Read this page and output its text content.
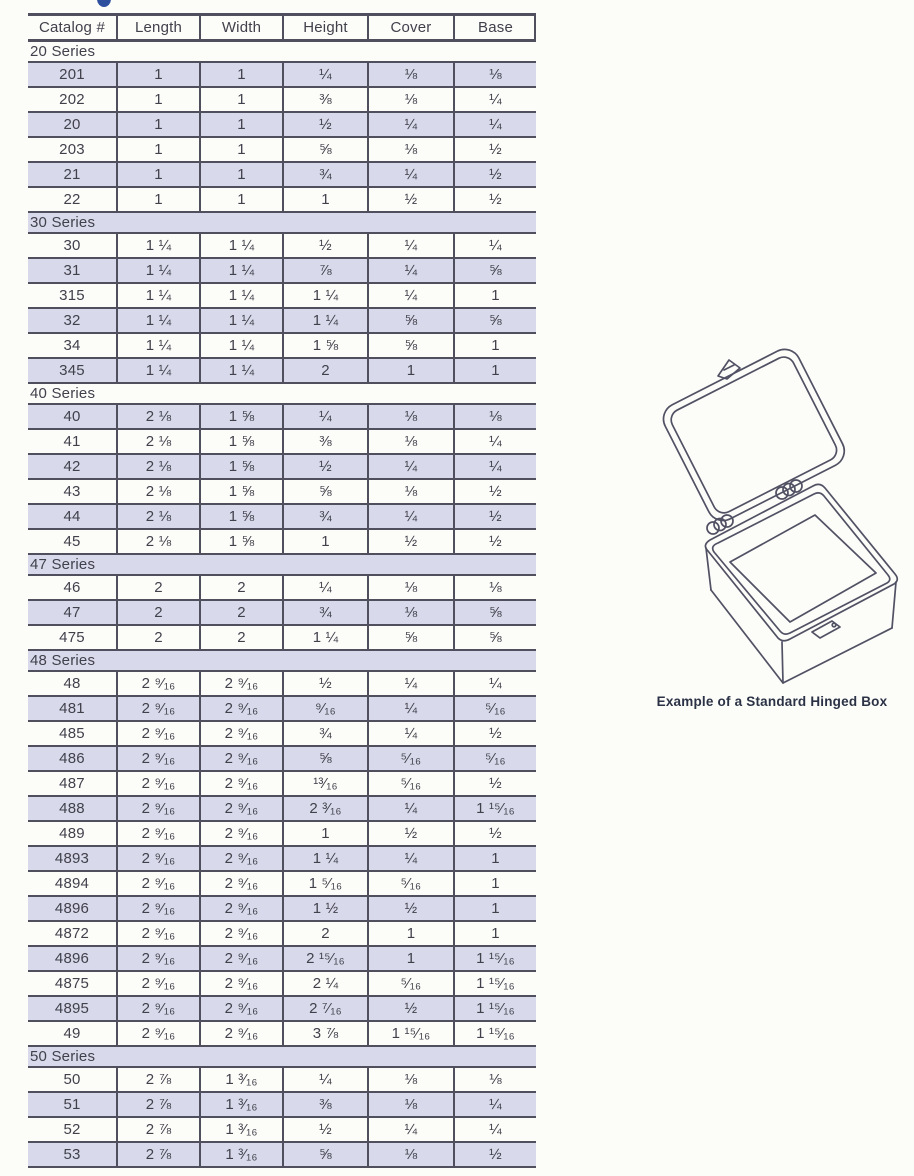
Catalog #	Length	Width	Height	Cover	Base
20 Series
201	1	1	¼	⅛	⅛
202	1	1	⅜	⅛	¼
20	1	1	½	¼	¼
203	1	1	⅝	⅛	½
21	1	1	¾	¼	½
22	1	1	1	½	½
30 Series
30	1 ¼	1 ¼	½	¼	¼
31	1 ¼	1 ¼	⅞	¼	⅝
315	1 ¼	1 ¼	1 ¼	¼	1
32	1 ¼	1 ¼	1 ¼	⅝	⅝
34	1 ¼	1 ¼	1 ⅝	⅝	1
345	1 ¼	1 ¼	2	1	1
40 Series
40	2 ⅛	1 ⅝	¼	⅛	⅛
41	2 ⅛	1 ⅝	⅜	⅛	¼
42	2 ⅛	1 ⅝	½	¼	¼
43	2 ⅛	1 ⅝	⅝	⅛	½
44	2 ⅛	1 ⅝	¾	¼	½
45	2 ⅛	1 ⅝	1	½	½
47 Series
46	2	2	¼	⅛	⅛
47	2	2	¾	⅛	⅝
475	2	2	1 ¼	⅝	⅝
48 Series
48	2 ⁹⁄₁₆	2 ⁹⁄₁₆	½	¼	¼
481	2 ⁹⁄₁₆	2 ⁹⁄₁₆	⁹⁄₁₆	¼	⁵⁄₁₆
485	2 ⁹⁄₁₆	2 ⁹⁄₁₆	¾	¼	½
486	2 ⁹⁄₁₆	2 ⁹⁄₁₆	⅝	⁵⁄₁₆	⁵⁄₁₆
487	2 ⁹⁄₁₆	2 ⁹⁄₁₆	¹³⁄₁₆	⁵⁄₁₆	½
488	2 ⁹⁄₁₆	2 ⁹⁄₁₆	2 ³⁄₁₆	¼	1 ¹⁵⁄₁₆
489	2 ⁹⁄₁₆	2 ⁹⁄₁₆	1	½	½
4893	2 ⁹⁄₁₆	2 ⁹⁄₁₆	1 ¼	¼	1
4894	2 ⁹⁄₁₆	2 ⁹⁄₁₆	1 ⁵⁄₁₆	⁵⁄₁₆	1
4896	2 ⁹⁄₁₆	2 ⁹⁄₁₆	1 ½	½	1
4872	2 ⁹⁄₁₆	2 ⁹⁄₁₆	2	1	1
4896	2 ⁹⁄₁₆	2 ⁹⁄₁₆	2 ¹⁵⁄₁₆	1	1 ¹⁵⁄₁₆
4875	2 ⁹⁄₁₆	2 ⁹⁄₁₆	2 ¼	⁵⁄₁₆	1 ¹⁵⁄₁₆
4895	2 ⁹⁄₁₆	2 ⁹⁄₁₆	2 ⁷⁄₁₆	½	1 ¹⁵⁄₁₆
49	2 ⁹⁄₁₆	2 ⁹⁄₁₆	3 ⅞	1 ¹⁵⁄₁₆	1 ¹⁵⁄₁₆
50 Series
50	2 ⅞	1 ³⁄₁₆	¼	⅛	⅛
51	2 ⅞	1 ³⁄₁₆	⅜	⅛	¼
52	2 ⅞	1 ³⁄₁₆	½	¼	¼
53	2 ⅞	1 ³⁄₁₆	⅝	⅛	½
Example of a Standard Hinged Box
